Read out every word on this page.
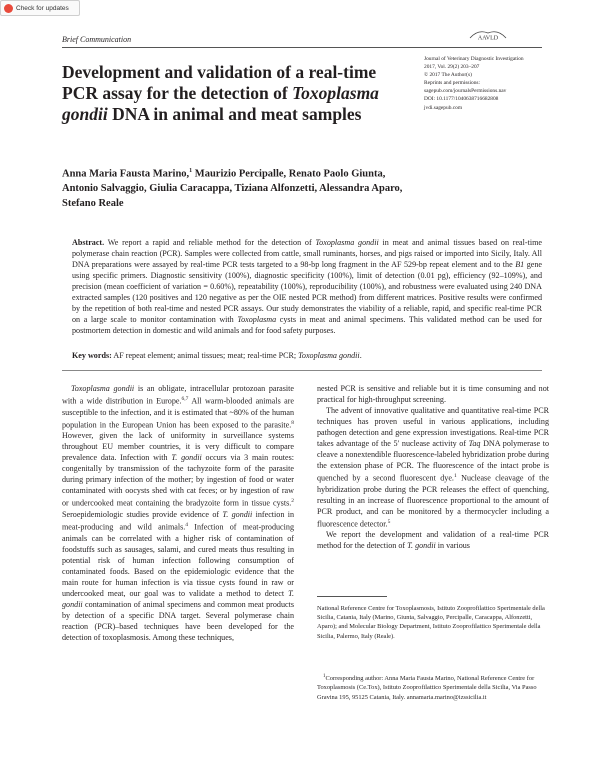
Check for updates
Brief Communication	AAVLD
Journal of Veterinary Diagnostic Investigation
2017, Vol. 29(2) 203–207
© 2017 The Author(s)
Reprints and permissions:
sagepub.com/journalsPermissions.nav
DOI: 10.1177/1040638716682808
jvdi.sagepub.com
Development and validation of a real-time PCR assay for the detection of Toxoplasma gondii DNA in animal and meat samples
Anna Maria Fausta Marino,$^1$ Maurizio Percipalle, Renato Paolo Giunta,
Antonio Salvaggio, Giulia Caracappa, Tiziana Alfonzetti, Alessandra Aparo,
Stefano Reale

Abstract. We report a rapid and reliable method for the detection of Toxoplasma gondii in meat and animal tissues based on real-time polymerase chain reaction (PCR). Samples were collected from cattle, small ruminants, horses, and pigs raised or imported into Sicily, Italy. All DNA preparations were assayed by real-time PCR tests targeted to a 98-bp long fragment in the AF 529-bp repeat element and to the B1 gene using specific primers. Diagnostic sensitivity (100%), diagnostic specificity (100%), limit of detection (0.01 pg), efficiency (92–109%), and precision (mean coefficient of variation = 0.60%), repeatability (100%), reproducibility (100%), and robustness were evaluated using 240 DNA extracted samples (120 positives and 120 negative as per the OIE nested PCR method) from different matrices. Positive results were confirmed by the repetition of both real-time and nested PCR assays. Our study demonstrates the viability of a reliable, rapid, and specific real-time PCR on a large scale to monitor contamination with Toxoplasma cysts in meat and animal specimens. This validated method can be used for postmortem detection in domestic and wild animals and for food safety purposes.

Key words: AF repeat element; animal tissues; meat; real-time PCR; Toxoplasma gondii.

Toxoplasma gondii is an obligate, intracellular protozoan parasite with a wide distribution in Europe.$^{6,7}$ All warm-blooded animals are susceptible to the infection, and it is estimated that ~80% of the human population in the European Union has been exposed to the parasite.$^8$ However, given the lack of uniformity in surveillance systems throughout EU member countries, it is very difficult to compare prevalence data. Infection with T. gondii occurs via 3 main routes: congenitally by transmission of the tachyzoite form of the parasite during primary infection of the mother; by ingestion of food or water contaminated with oocysts shed with cat feces; or by ingestion of raw or undercooked meat containing the bradyzoite form in tissue cysts.$^2$ Seroepidemiologic studies provide evidence of T. gondii infection in meat-producing and wild animals.$^4$ Infection of meat-producing animals can be correlated with a higher risk of contamination of foodstuffs such as sausages, salami, and cured meats thus resulting in potential risk of human infection following consumption of contaminated foods. Based on the epidemiologic evidence that the main route for human infection is via tissue cysts found in raw or undercooked meat, our goal was to validate a method to detect T. gondii contamination of animal specimens and common meat products by detection of a specific DNA target. Several polymerase chain reaction (PCR)–based techniques have been developed for the detection of toxoplasmosis. Among these techniques,

nested PCR is sensitive and reliable but it is time consuming and not practical for high-throughput screening.

The advent of innovative qualitative and quantitative real-time PCR techniques has proven useful in various applications, including pathogen detection and gene expression investigations. Real-time PCR takes advantage of the 5′ nuclease activity of Taq DNA polymerase to cleave a nonextendible fluorescence-labeled hybridization probe during the extension phase of PCR. The fluorescence of the intact probe is quenched by a second fluorescent dye.$^1$ Nuclease cleavage of the hybridization probe during the PCR releases the effect of quenching, resulting in an increase of fluorescence proportional to the amount of PCR product, and can be monitored by a thermocycler including a fluorescence detector.$^5$

We report the development and validation of a real-time PCR method for the detection of T. gondii in various

National Reference Centre for Toxoplasmosis, Istituto Zooprofilattico Sperimentale della Sicilia, Catania, Italy (Marino, Giunta, Salvaggio, Percipalle, Caracappa, Alfonzetti, Aparo); and Molecular Biology Department, Istituto Zooprofilattico Sperimentale della Sicilia, Palermo, Italy (Reale).

$^1$Corresponding author: Anna Maria Fausta Marino, National Reference Centre for Toxoplasmosis (Ce.Tox), Istituto Zooprofilattico Sperimentale della Sicilia, Via Passo Gravina 195, 95125 Catania, Italy. annamaria.marino@izssicilia.it
